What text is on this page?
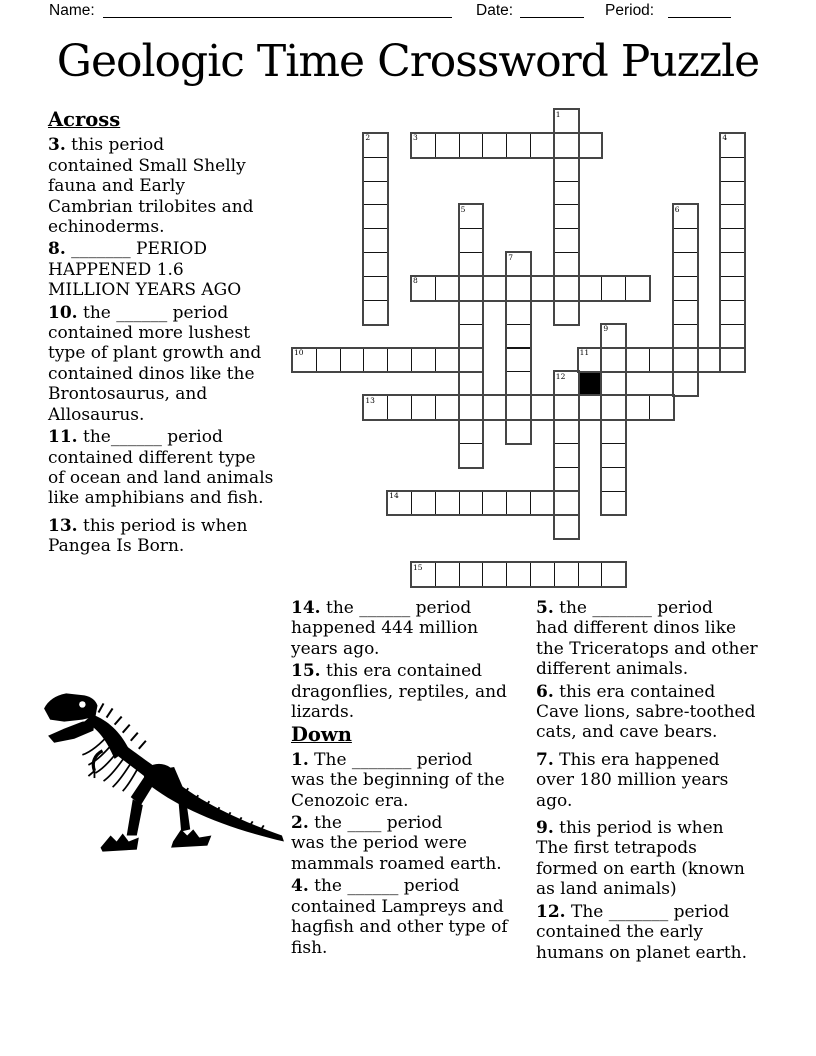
Name:	Date:	Period:
Geologic Time Crossword Puzzle
Across

3. this period
contained Small Shelly
fauna and Early
Cambrian trilobites and
echinoderms.

8. _______ PERIOD
HAPPENED 1.6
MILLION YEARS AGO

10. the ______ period
contained more lushest
type of plant growth and
contained dinos like the
Brontosaurus, and
Allosaurus.

11. the______ period
contained different type
of ocean and land animals
like amphibians and fish.

13. this period is when
Pangea Is Born.

1
2	3	4
5	6
7
8
9
10	11
12
13
14
15

14. the ______ period
happened 444 million
years ago.

15. this era contained
dragonflies, reptiles, and
lizards.

Down

1. The _______ period
was the beginning of the
Cenozoic era.

2. the ____ period
was the period were
mammals roamed earth.

4. the ______ period
contained Lampreys and
hagfish and other type of
fish.

5. the _______ period
had different dinos like
the Triceratops and other
different animals.

6. this era contained
Cave lions, sabre-toothed
cats, and cave bears.

7. This era happened
over 180 million years
ago.

9. this period is when
The first tetrapods
formed on earth (known
as land animals)

12. The _______ period
contained the early
humans on planet earth.
